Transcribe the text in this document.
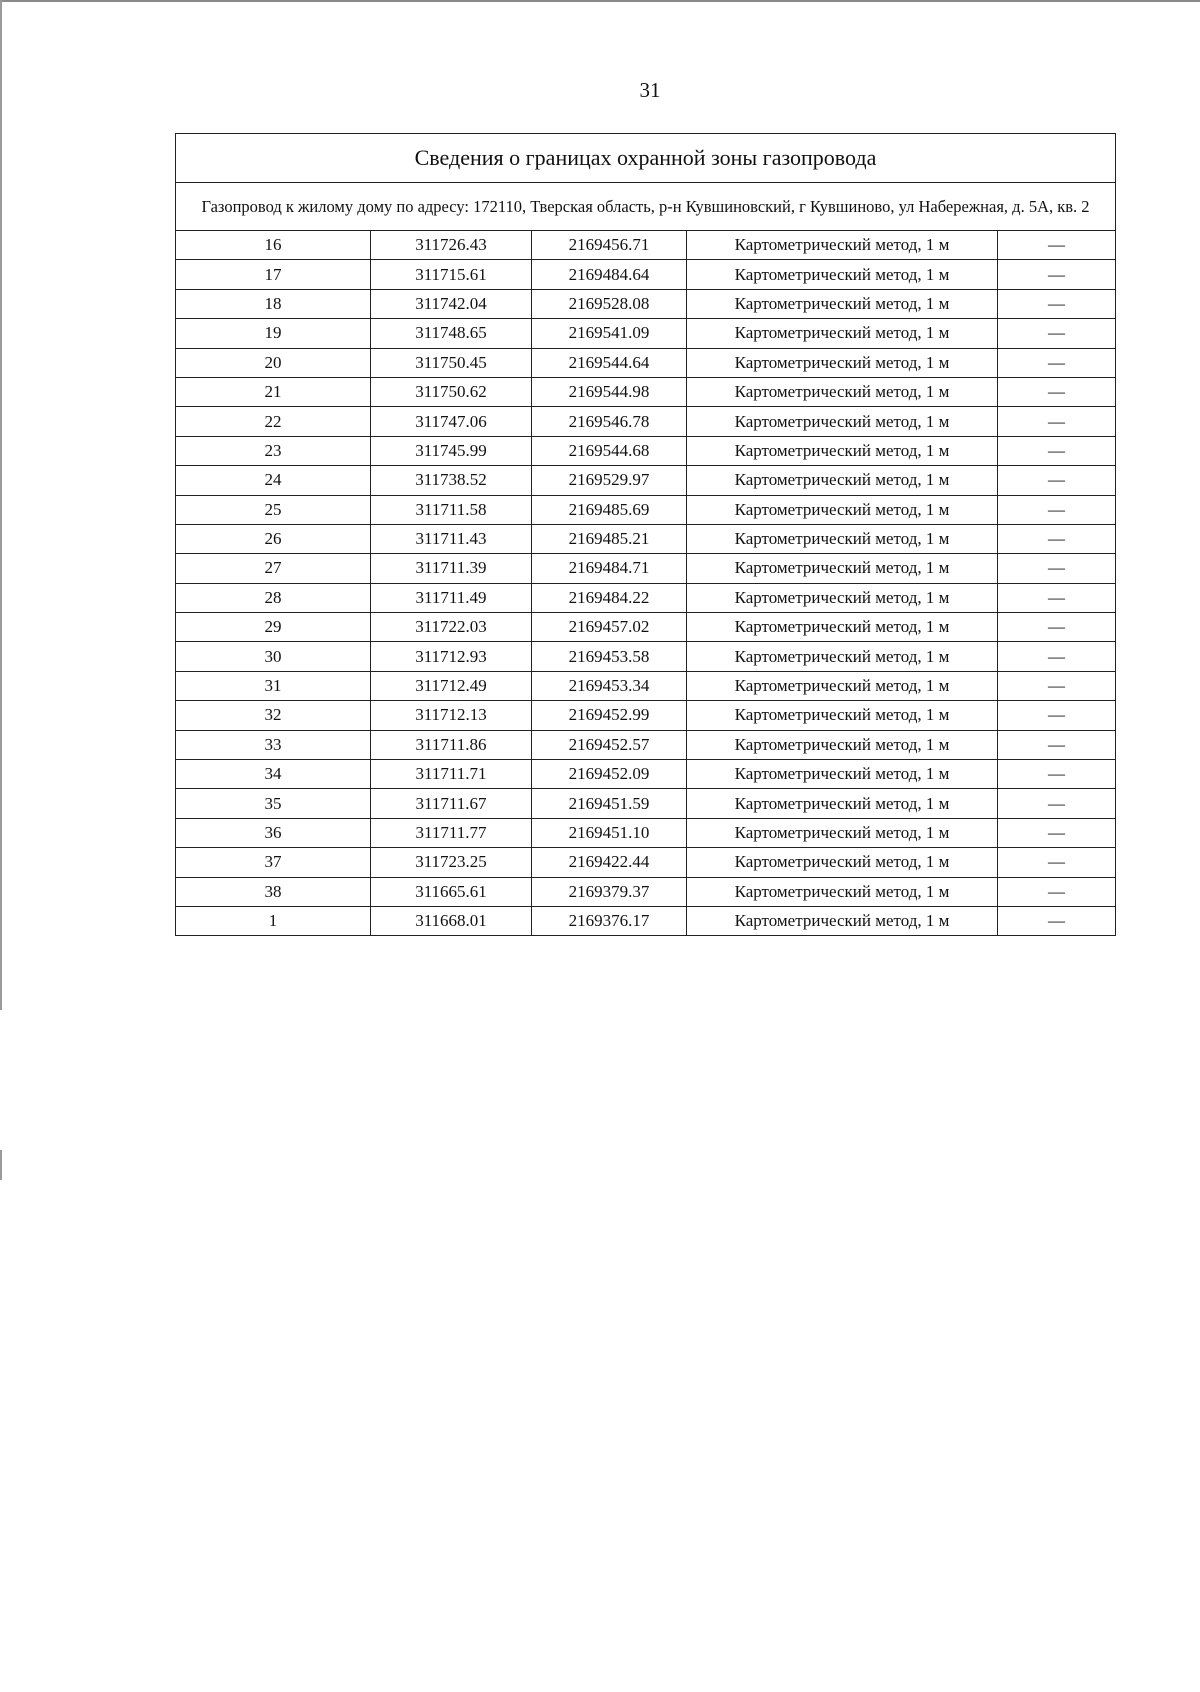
31
Сведения о границах охранной зоны газопровода				
Газопровод к жилому дому по адресу: 172110, Тверская область, р-н Кувшиновский, г Кувшиново, ул Набережная, д. 5А, кв. 2				
16	311726.43	2169456.71	Картометрический метод, 1 м	—
17	311715.61	2169484.64	Картометрический метод, 1 м	—
18	311742.04	2169528.08	Картометрический метод, 1 м	—
19	311748.65	2169541.09	Картометрический метод, 1 м	—
20	311750.45	2169544.64	Картометрический метод, 1 м	—
21	311750.62	2169544.98	Картометрический метод, 1 м	—
22	311747.06	2169546.78	Картометрический метод, 1 м	—
23	311745.99	2169544.68	Картометрический метод, 1 м	—
24	311738.52	2169529.97	Картометрический метод, 1 м	—
25	311711.58	2169485.69	Картометрический метод, 1 м	—
26	311711.43	2169485.21	Картометрический метод, 1 м	—
27	311711.39	2169484.71	Картометрический метод, 1 м	—
28	311711.49	2169484.22	Картометрический метод, 1 м	—
29	311722.03	2169457.02	Картометрический метод, 1 м	—
30	311712.93	2169453.58	Картометрический метод, 1 м	—
31	311712.49	2169453.34	Картометрический метод, 1 м	—
32	311712.13	2169452.99	Картометрический метод, 1 м	—
33	311711.86	2169452.57	Картометрический метод, 1 м	—
34	311711.71	2169452.09	Картометрический метод, 1 м	—
35	311711.67	2169451.59	Картометрический метод, 1 м	—
36	311711.77	2169451.10	Картометрический метод, 1 м	—
37	311723.25	2169422.44	Картометрический метод, 1 м	—
38	311665.61	2169379.37	Картометрический метод, 1 м	—
1	311668.01	2169376.17	Картометрический метод, 1 м	—
